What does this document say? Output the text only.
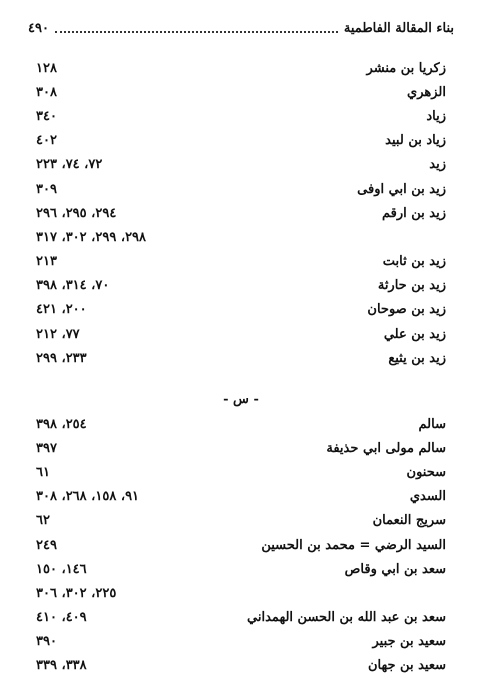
بناء المقالة الفاطمية
٤٩٠
زكريا بن منشر
١٢٨
الزهري
٣٠٨
زياد
٣٤٠
زياد بن لبيد
٤٠٢
زيد
٧٢، ٧٤، ٢٢٣
زيد بن ابي اوفى
٣٠٩
زيد بن ارقم
٢٩٤، ٢٩٥، ٢٩٦
٢٩٨، ٢٩٩، ٣٠٢، ٣١٧
زيد بن ثابت
٢١٣
زيد بن حارثة
٧٠، ٣١٤، ٣٩٨
زيد بن صوحان
٢٠٠، ٤٢١
زيد بن علي
٧٧، ٢١٢
زيد بن يثيع
٢٣٣، ٢٩٩
- س -
سالم
٢٥٤، ٣٩٨
سالم مولى ابي حذيفة
٣٩٧
سحنون
٦١
السدي
٩١، ١٥٨، ٢٦٨، ٣٠٨
سريج النعمان
٦٢
السيد الرضي = محمد بن الحسين
٢٤٩
سعد بن ابي وقاص
١٤٦، ١٥٠
٢٢٥، ٣٠٢، ٣٠٦
سعد بن عبد الله بن الحسن الهمداني
٤٠٩، ٤١٠
سعيد بن جبير
٣٩٠
سعيد بن جهان
٣٣٨، ٣٣٩
